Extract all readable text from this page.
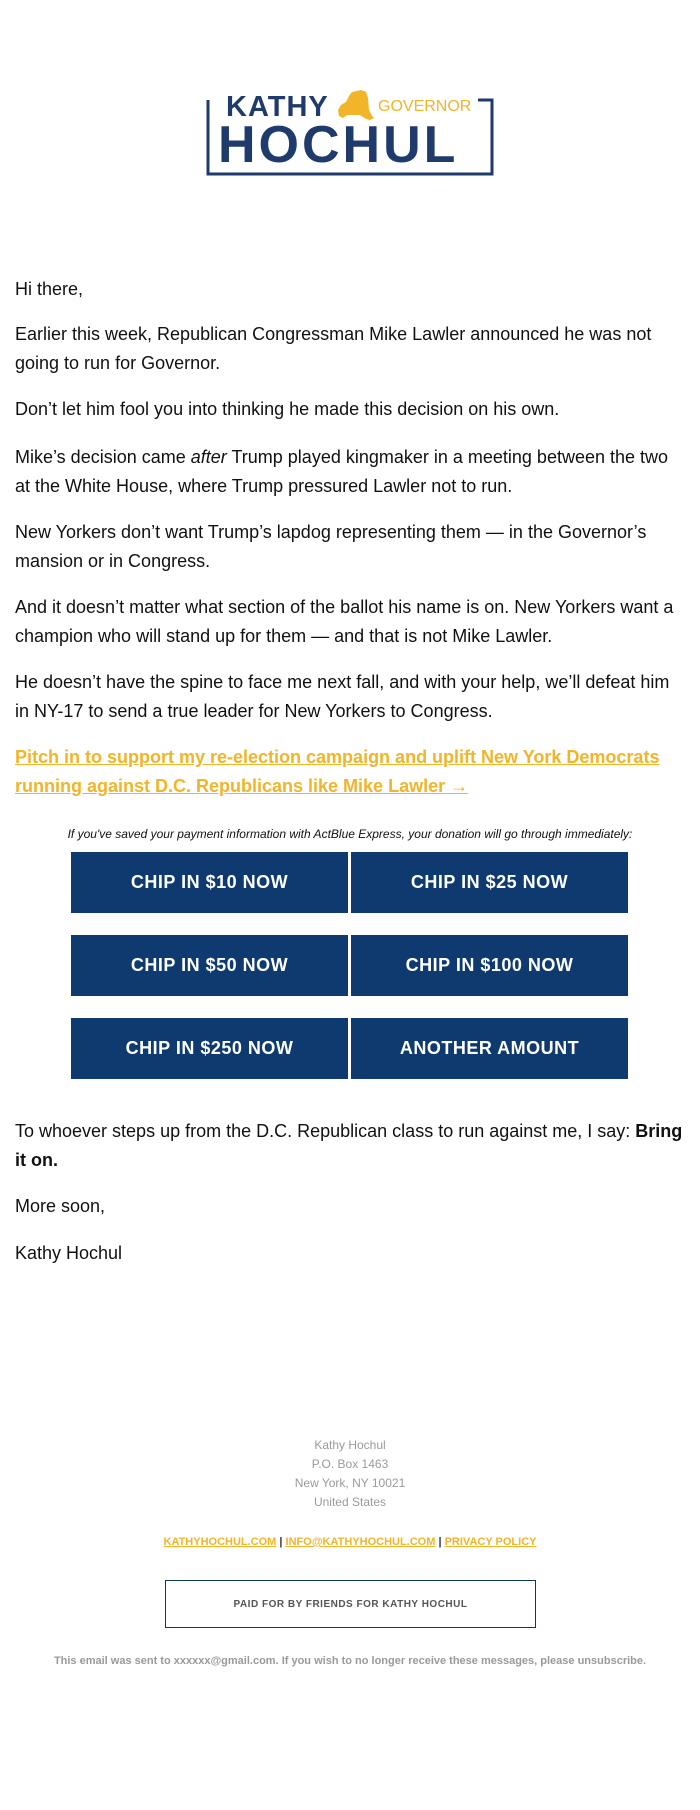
KATHY	GOVERNOR
HOCHUL

Hi there,

Earlier this week, Republican Congressman Mike Lawler announced he was not going to run for Governor.

Don’t let him fool you into thinking he made this decision on his own.

Mike’s decision came after Trump played kingmaker in a meeting between the two at the White House, where Trump pressured Lawler not to run.

New Yorkers don’t want Trump’s lapdog representing them — in the Governor’s mansion or in Congress.

And it doesn’t matter what section of the ballot his name is on. New Yorkers want a champion who will stand up for them — and that is not Mike Lawler.

He doesn’t have the spine to face me next fall, and with your help, we’ll defeat him in NY-17 to send a true leader for New Yorkers to Congress.

Pitch in to support my re-election campaign and uplift New York Democrats running against D.C. Republicans like Mike Lawler →

If you've saved your payment information with ActBlue Express, your donation will go through immediately:
CHIP IN $10 NOW	CHIP IN $25 NOW
CHIP IN $50 NOW	CHIP IN $100 NOW
CHIP IN $250 NOW	ANOTHER AMOUNT

To whoever steps up from the D.C. Republican class to run against me, I say: Bring it on.

More soon,

Kathy Hochul

Kathy Hochul
P.O. Box 1463
New York, NY 10021
United States
KATHYHOCHUL.COM | INFO@KATHYHOCHUL.COM | PRIVACY POLICY
PAID FOR BY FRIENDS FOR KATHY HOCHUL
This email was sent to xxxxxx@gmail.com. If you wish to no longer receive these messages, please unsubscribe.
